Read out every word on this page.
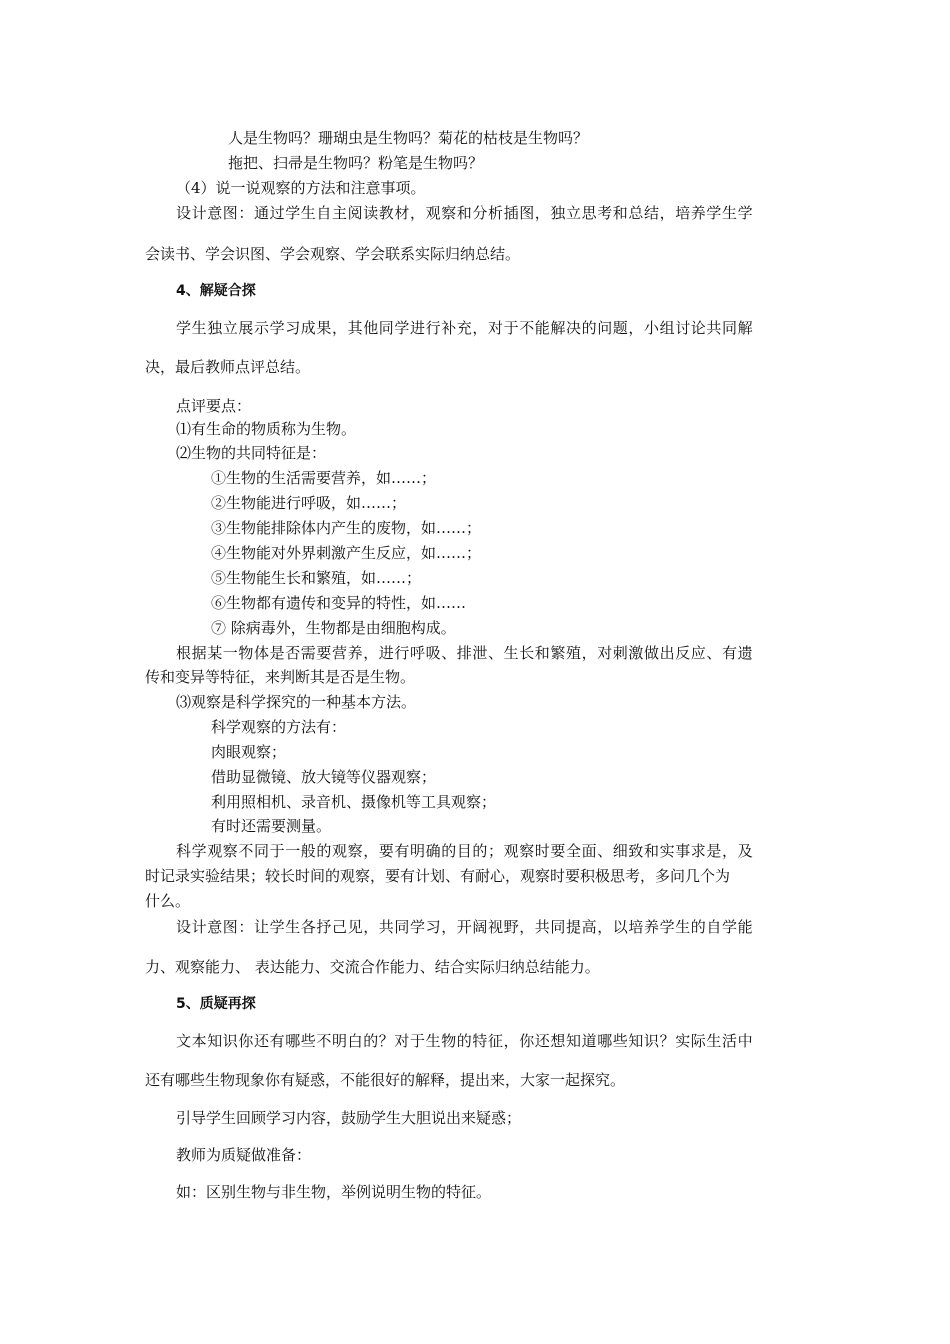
人是生物吗？珊瑚虫是生物吗？菊花的枯枝是生物吗？
拖把、扫帚是生物吗？粉笔是生物吗？
（4）说一说观察的方法和注意事项。
设计意图：通过学生自主阅读教材，观察和分析插图，独立思考和总结，培养学生学
会读书、学会识图、学会观察、学会联系实际归纳总结。
4、解疑合探
学生独立展示学习成果，其他同学进行补充，对于不能解决的问题，小组讨论共同解
决，最后教师点评总结。
点评要点：
⑴有生命的物质称为生物。
⑵生物的共同特征是：
①生物的生活需要营养，如……；
②生物能进行呼吸，如……；
③生物能排除体内产生的废物，如……；
④生物能对外界刺激产生反应，如……；
⑤生物能生长和繁殖，如……；
⑥生物都有遗传和变异的特性，如……
⑦ 除病毒外，生物都是由细胞构成。
根据某一物体是否需要营养，进行呼吸、排泄、生长和繁殖，对刺激做出反应、有遗
传和变异等特征，来判断其是否是生物。
⑶观察是科学探究的一种基本方法。
科学观察的方法有：
肉眼观察；
借助显微镜、放大镜等仪器观察；
利用照相机、录音机、摄像机等工具观察；
有时还需要测量。
科学观察不同于一般的观察，要有明确的目的；观察时要全面、细致和实事求是，及
时记录实验结果；较长时间的观察，要有计划、有耐心，观察时要积极思考，多问几个为
什么。
设计意图：让学生各抒己见，共同学习，开阔视野，共同提高，以培养学生的自学能
力、观察能力、 表达能力、交流合作能力、结合实际归纳总结能力。
5、质疑再探
文本知识你还有哪些不明白的？对于生物的特征，你还想知道哪些知识？实际生活中
还有哪些生物现象你有疑惑，不能很好的解释，提出来，大家一起探究。
引导学生回顾学习内容，鼓励学生大胆说出来疑惑；
教师为质疑做准备：
如：区别生物与非生物，举例说明生物的特征。
